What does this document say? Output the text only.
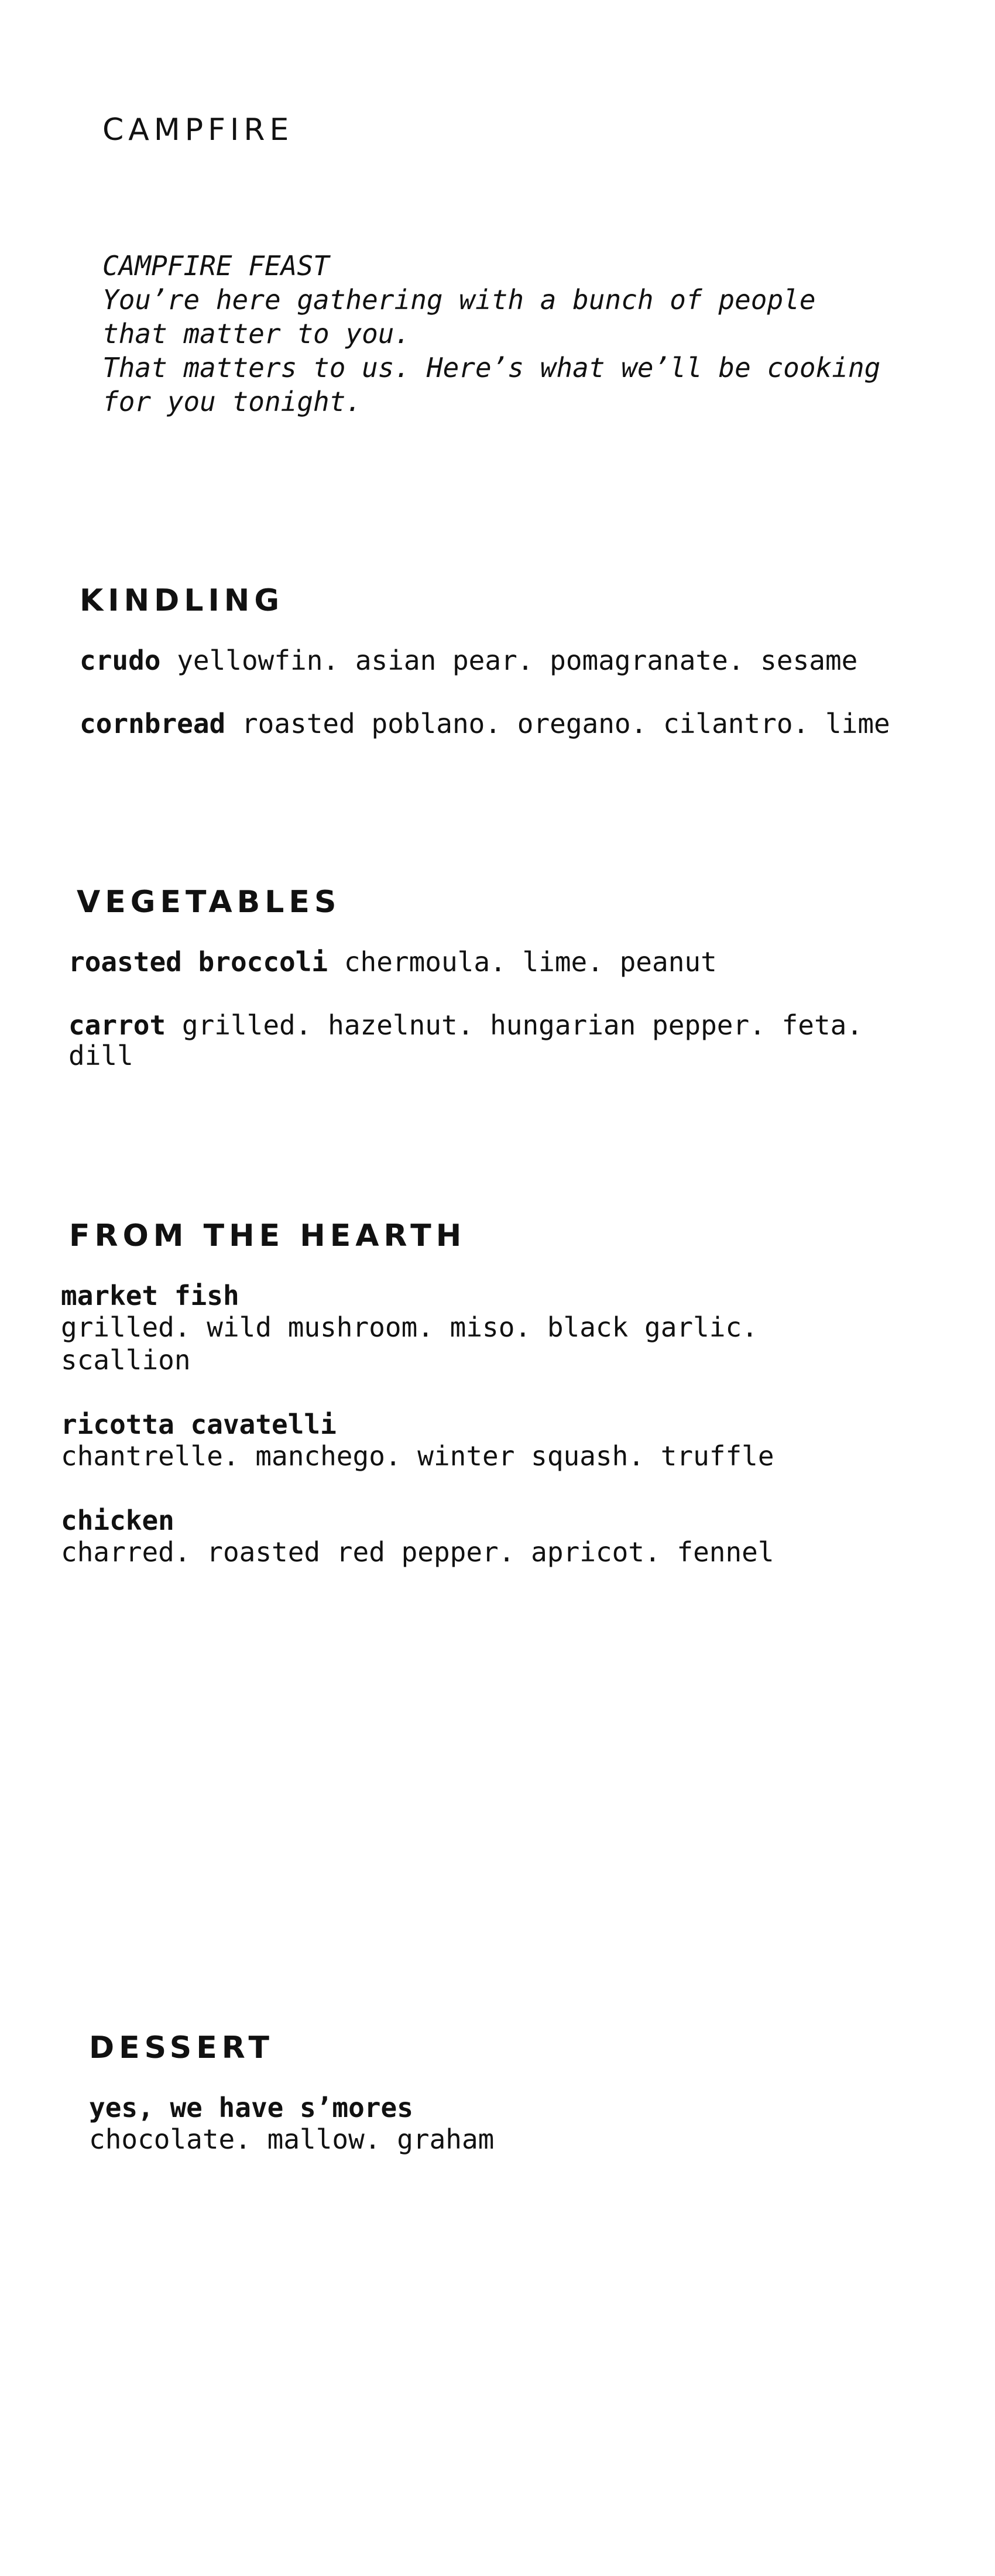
CAMPFIRE
CAMPFIRE FEAST
You’re here gathering with a bunch of people that matter to you.
That matters to us. Here’s what we’ll be cooking for you tonight.
KINDLING
crudo yellowfin. asian pear. pomagranate. sesame
cornbread roasted poblano. oregano. cilantro. lime
VEGETABLES
roasted broccoli chermoula. lime. peanut
carrot grilled. hazelnut. hungarian pepper. feta. dill
FROM THE HEARTH
market fish
grilled. wild mushroom. miso. black garlic. scallion
ricotta cavatelli
chantrelle. manchego. winter squash. truffle
chicken
charred. roasted red pepper. apricot. fennel
DESSERT
yes, we have s’mores
chocolate. mallow. graham
